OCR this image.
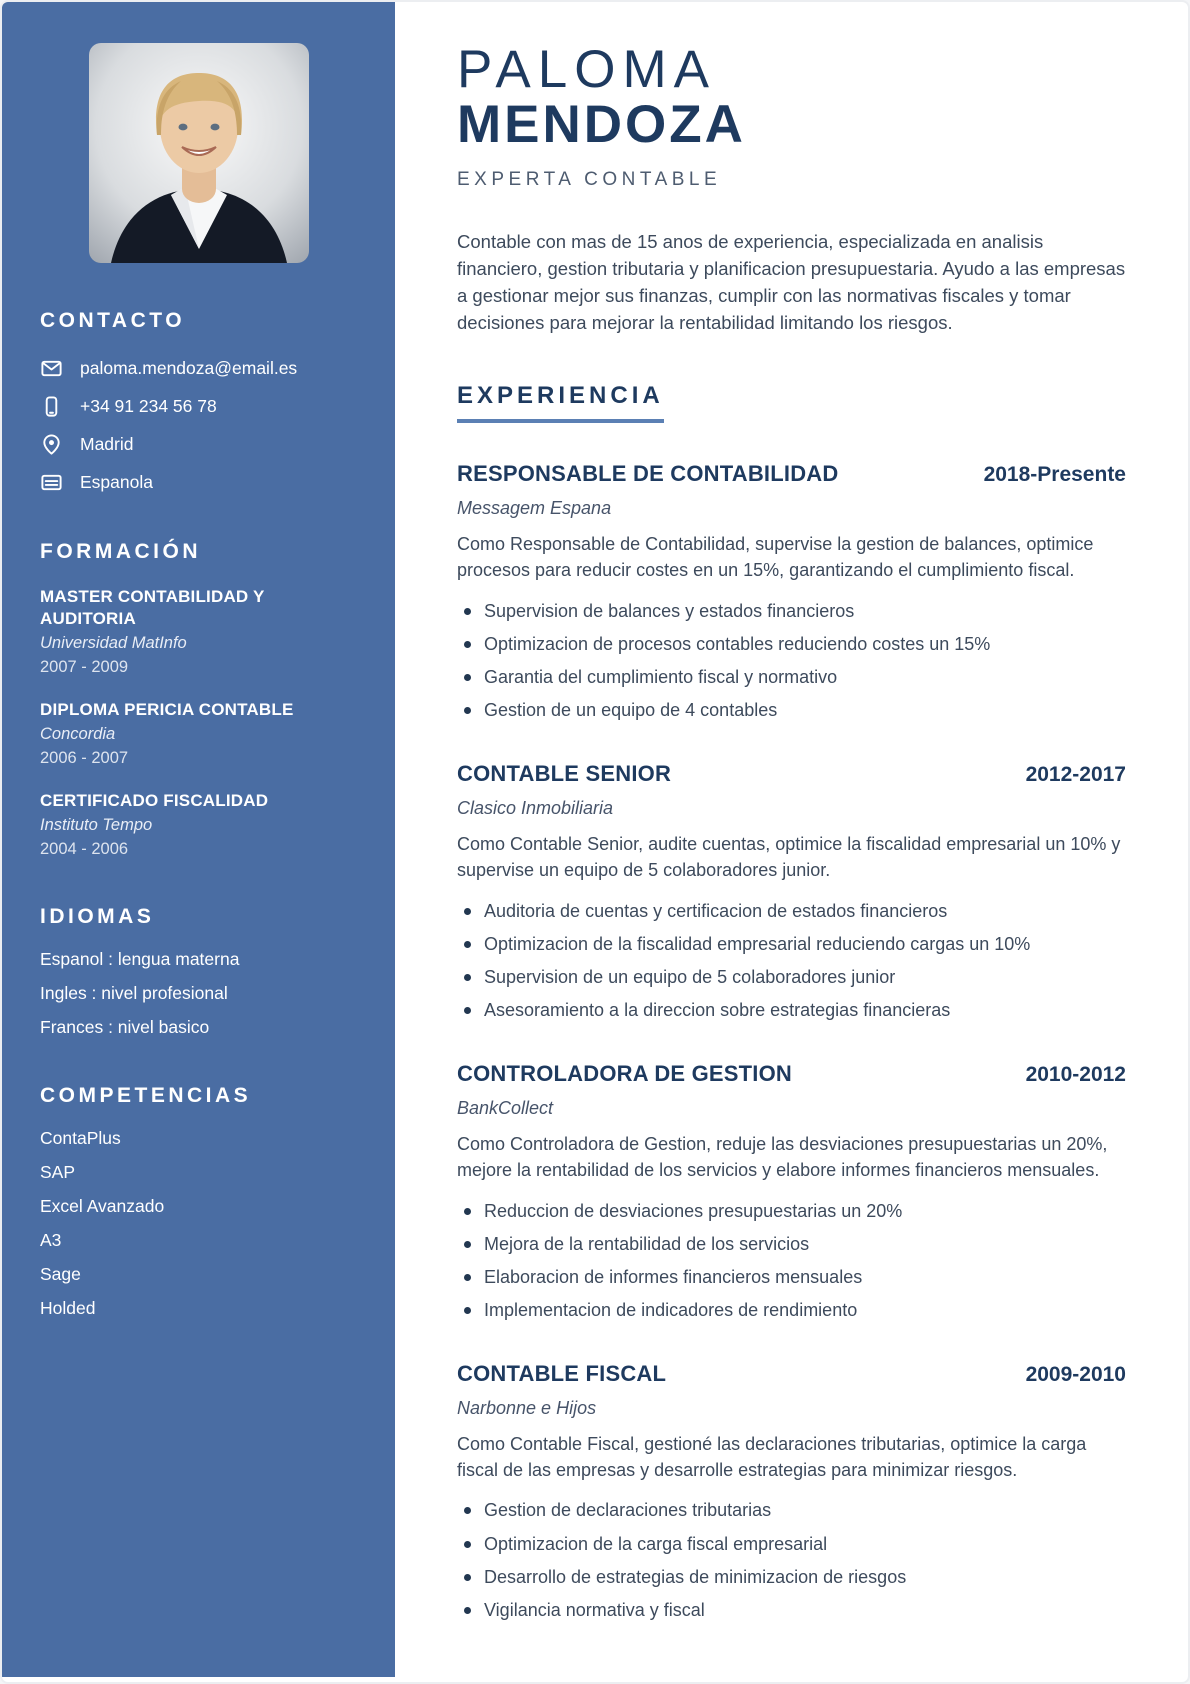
CONTACTO
paloma.mendoza@email.es
+34 91 234 56 78
Madrid
Espanola
FORMACIÓN
MASTER CONTABILIDAD Y AUDITORIA
Universidad MatInfo
2007 - 2009
DIPLOMA PERICIA CONTABLE
Concordia
2006 - 2007
CERTIFICADO FISCALIDAD
Instituto Tempo
2004 - 2006
IDIOMAS
Espanol : lengua materna
Ingles : nivel profesional
Frances : nivel basico
COMPETENCIAS
ContaPlus
SAP
Excel Avanzado
A3
Sage
Holded
PALOMA
MENDOZA
EXPERTA CONTABLE

Contable con mas de 15 anos de experiencia, especializada en analisis financiero, gestion tributaria y planificacion presupuestaria. Ayudo a las empresas a gestionar mejor sus finanzas, cumplir con las normativas fiscales y tomar decisiones para mejorar la rentabilidad limitando los riesgos.

EXPERIENCIA
RESPONSABLE DE CONTABILIDAD	2018-Presente
Messagem Espana

Como Responsable de Contabilidad, supervise la gestion de balances, optimice procesos para reducir costes en un 15%, garantizando el cumplimiento fiscal.

Supervision de balances y estados financieros
Optimizacion de procesos contables reduciendo costes un 15%
Garantia del cumplimiento fiscal y normativo
Gestion de un equipo de 4 contables
CONTABLE SENIOR	2012-2017
Clasico Inmobiliaria

Como Contable Senior, audite cuentas, optimice la fiscalidad empresarial un 10% y supervise un equipo de 5 colaboradores junior.

Auditoria de cuentas y certificacion de estados financieros
Optimizacion de la fiscalidad empresarial reduciendo cargas un 10%
Supervision de un equipo de 5 colaboradores junior
Asesoramiento a la direccion sobre estrategias financieras
CONTROLADORA DE GESTION	2010-2012
BankCollect

Como Controladora de Gestion, reduje las desviaciones presupuestarias un 20%, mejore la rentabilidad de los servicios y elabore informes financieros mensuales.

Reduccion de desviaciones presupuestarias un 20%
Mejora de la rentabilidad de los servicios
Elaboracion de informes financieros mensuales
Implementacion de indicadores de rendimiento
CONTABLE FISCAL	2009-2010
Narbonne e Hijos

Como Contable Fiscal, gestioné las declaraciones tributarias, optimice la carga fiscal de las empresas y desarrolle estrategias para minimizar riesgos.

Gestion de declaraciones tributarias
Optimizacion de la carga fiscal empresarial
Desarrollo de estrategias de minimizacion de riesgos
Vigilancia normativa y fiscal
